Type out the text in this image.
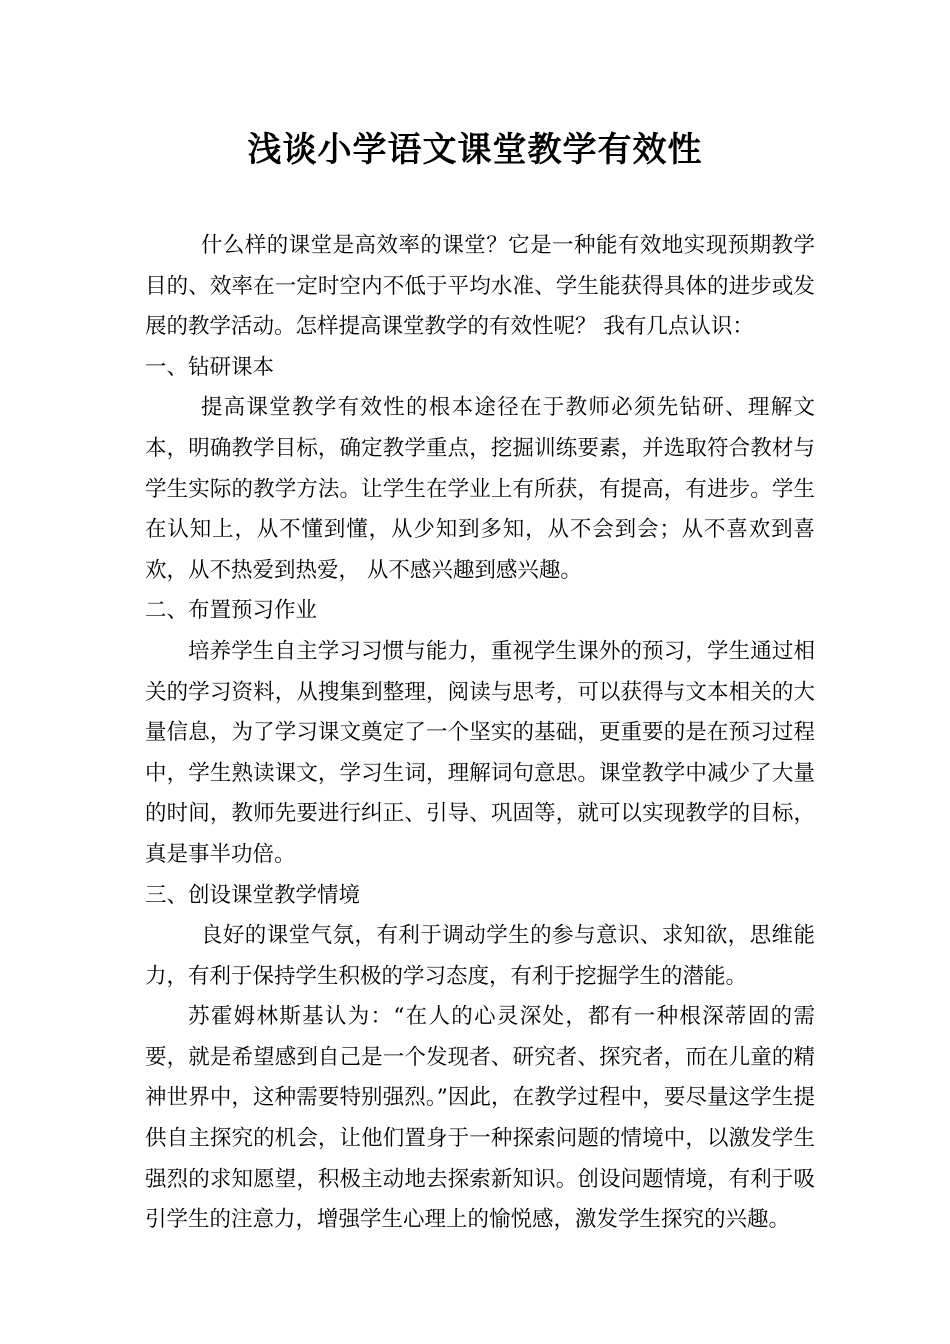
浅谈小学语文课堂教学有效性

什么样的课堂是高效率的课堂？它是一种能有效地实现预期教学目的、效率在一定时空内不低于平均水准、学生能获得具体的进步或发展的教学活动。怎样提高课堂教学的有效性呢？ 我有几点认识：

一、钻研课本

提高课堂教学有效性的根本途径在于教师必须先钻研、理解文本，明确教学目标，确定教学重点，挖掘训练要素，并选取符合教材与学生实际的教学方法。让学生在学业上有所获，有提高，有进步。学生在认知上，从不懂到懂，从少知到多知，从不会到会；从不喜欢到喜欢，从不热爱到热爱， 从不感兴趣到感兴趣。

二、布置预习作业

培养学生自主学习习惯与能力，重视学生课外的预习，学生通过相关的学习资料，从搜集到整理，阅读与思考，可以获得与文本相关的大量信息，为了学习课文奠定了一个坚实的基础，更重要的是在预习过程中，学生熟读课文，学习生词，理解词句意思。课堂教学中减少了大量的时间，教师先要进行纠正、引导、巩固等，就可以实现教学的目标， 真是事半功倍。

三、创设课堂教学情境

良好的课堂气氛，有利于调动学生的参与意识、求知欲，思维能力，有利于保持学生积极的学习态度，有利于挖掘学生的潜能。

苏霍姆林斯基认为：“在人的心灵深处，都有一种根深蒂固的需要，就是希望感到自己是一个发现者、研究者、探究者，而在儿童的精神世界中，这种需要特别强烈。”因此，在教学过程中，要尽量这学生提供自主探究的机会，让他们置身于一种探索问题的情境中，以激发学生强烈的求知愿望，积极主动地去探索新知识。创设问题情境，有利于吸引学生的注意力，增强学生心理上的愉悦感，激发学生探究的兴趣。
